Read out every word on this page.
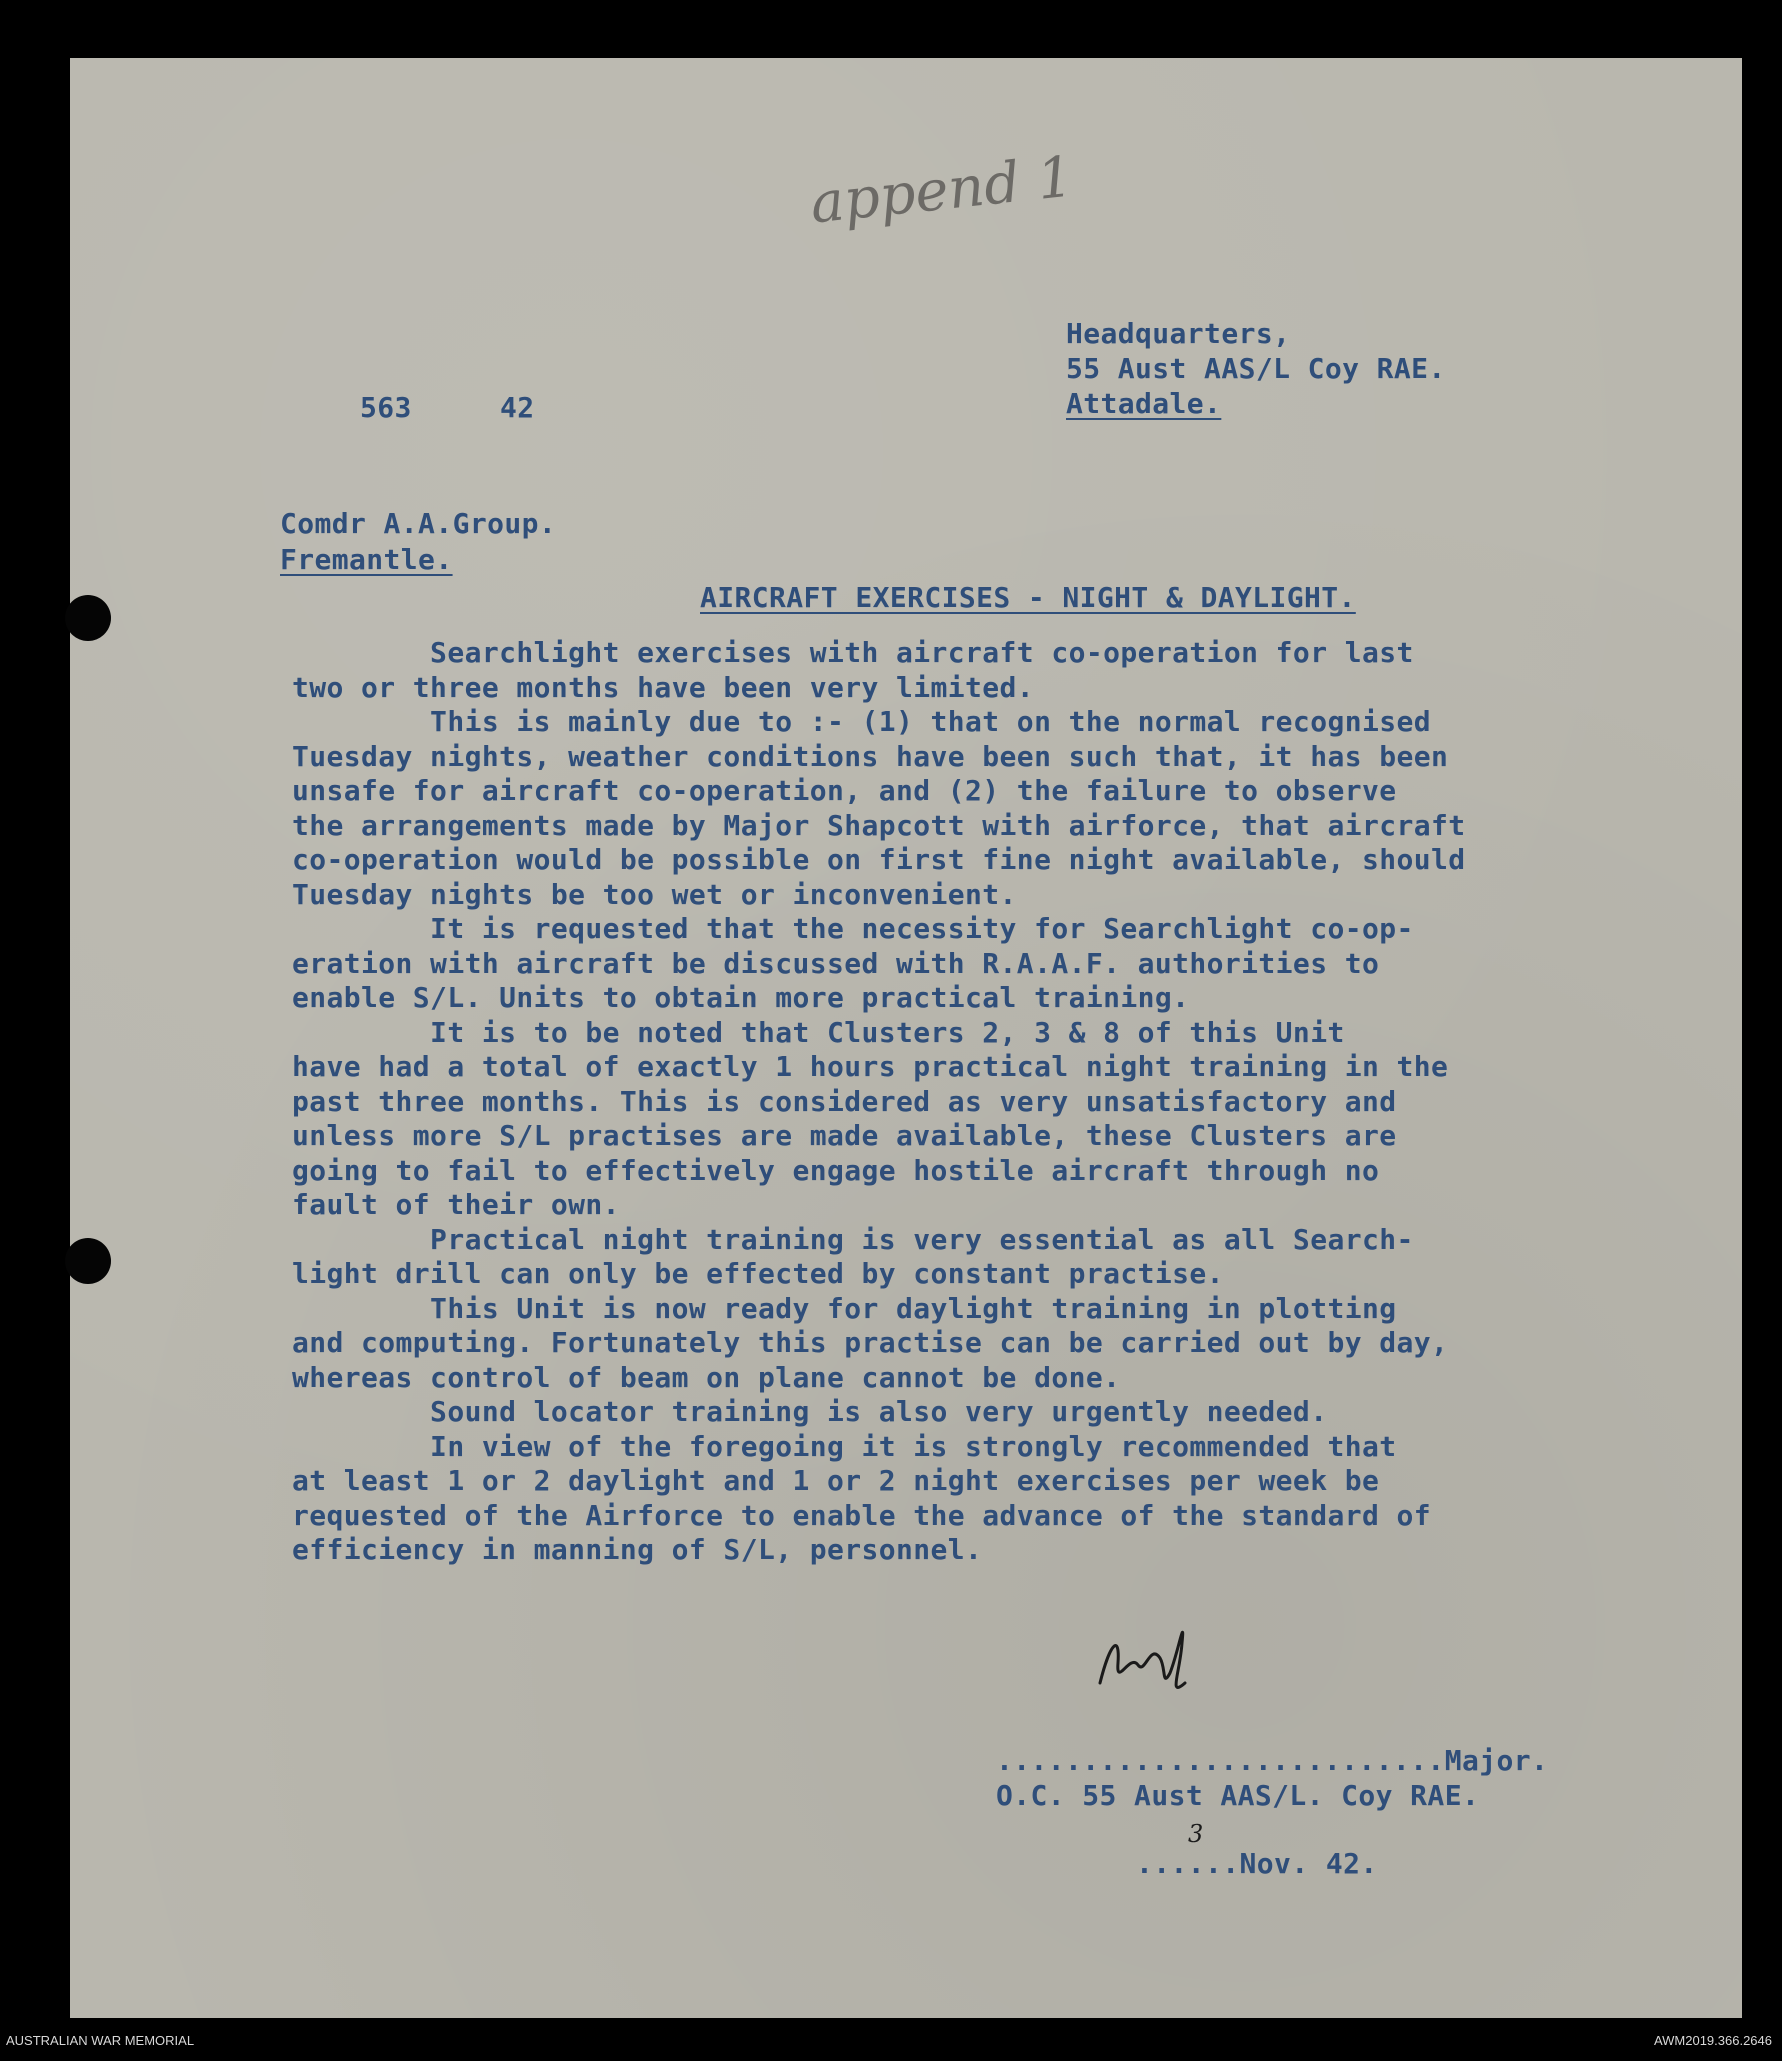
append 1
563	42
Headquarters,
55 Aust AAS/L Coy RAE.
Attadale.
Comdr A.A.Group.
Fremantle.
AIRCRAFT EXERCISES - NIGHT & DAYLIGHT.
Searchlight exercises with aircraft co-operation for last
two or three months have been very limited.
This is mainly due to :- (1) that on the normal recognised
Tuesday nights, weather conditions have been such that, it has been
unsafe for aircraft co-operation, and (2) the failure to observe
the arrangements made by Major Shapcott with airforce, that aircraft
co-operation would be possible on first fine night available, should
Tuesday nights be too wet or inconvenient.
It is requested that the necessity for Searchlight co-op-
eration with aircraft be discussed with R.A.A.F. authorities to
enable S/L. Units to obtain more practical training.
It is to be noted that Clusters 2, 3 & 8 of this Unit
have had a total of exactly 1 hours practical night training in the
past three months. This is considered as very unsatisfactory and
unless more S/L practises are made available, these Clusters are
going to fail to effectively engage hostile aircraft through no
fault of their own.
Practical night training is very essential as all Search-
light drill can only be effected by constant practise.
This Unit is now ready for daylight training in plotting
and computing. Fortunately this practise can be carried out by day,
whereas control of beam on plane cannot be done.
Sound locator training is also very urgently needed.
In view of the foregoing it is strongly recommended that
at least 1 or 2 daylight and 1 or 2 night exercises per week be
requested of the Airforce to enable the advance of the standard of
efficiency in manning of S/L, personnel.
..........................Major.
O.C. 55 Aust AAS/L. Coy RAE.
3
......Nov. 42.
AUSTRALIAN WAR MEMORIAL	AWM2019.366.2646
